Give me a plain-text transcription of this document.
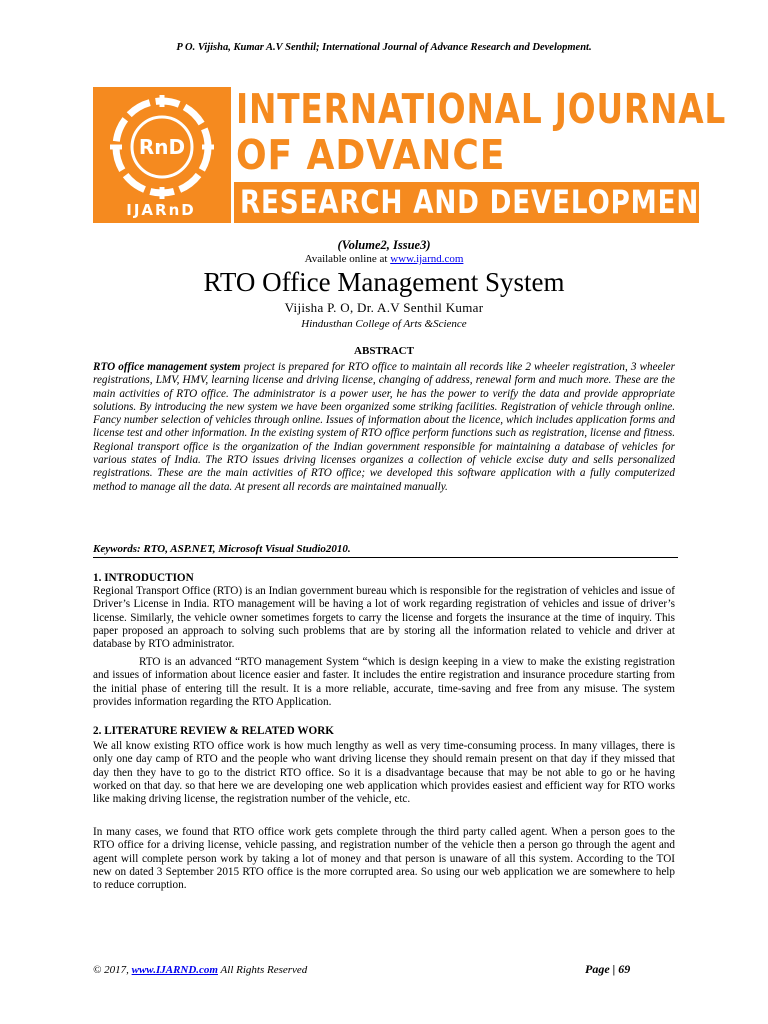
P O. Vijisha, Kumar A.V Senthil; International Journal of Advance Research and Development.
RnD
IJARnD
INTERNATIONAL JOURNAL
OF ADVANCE
RESEARCH AND DEVELOPMENT
(Volume2, Issue3)
Available online at www.ijarnd.com
RTO Office Management System
Vijisha P. O, Dr. A.V Senthil Kumar
Hindusthan College of Arts &Science
ABSTRACT

RTO office management system project is prepared for RTO office to maintain all records like 2 wheeler registration, 3 wheeler registrations, LMV, HMV, learning license and driving license, changing of address, renewal form and much more. These are the main activities of RTO office. The administrator is a power user, he has the power to verify the data and provide appropriate solutions. By introducing the new system we have been organized some striking facilities. Registration of vehicle through online. Fancy number selection of vehicles through online. Issues of information about the licence, which includes application forms and license test and other information. In the existing system of RTO office perform functions such as registration, license and fitness. Regional transport office is the organization of the Indian government responsible for maintaining a database of vehicles for various states of India. The RTO issues driving licenses organizes a collection of vehicle excise duty and sells personalized registrations. These are the main activities of RTO office; we developed this software application with a fully computerized method to manage all the data. At present all records are maintained manually.

Keywords: RTO, ASP.NET, Microsoft Visual Studio2010.
1. INTRODUCTION

Regional Transport Office (RTO) is an Indian government bureau which is responsible for the registration of vehicles and issue of Driver’s License in India. RTO management will be having a lot of work regarding registration of vehicles and issue of driver’s license. Similarly, the vehicle owner sometimes forgets to carry the license and forgets the insurance at the time of inquiry. This paper proposed an approach to solving such problems that are by storing all the information related to vehicle and driver at database by RTO administrator.

RTO is an advanced “RTO management System “which is design keeping in a view to make the existing registration and issues of information about licence easier and faster. It includes the entire registration and insurance procedure starting from the initial phase of entering till the result. It is a more reliable, accurate, time-saving and free from any misuse. The system provides information regarding the RTO Application.

2. LITERATURE REVIEW & RELATED WORK

We all know existing RTO office work is how much lengthy as well as very time-consuming process. In many villages, there is only one day camp of RTO and the people who want driving license they should remain present on that day if they missed that day then they have to go to the district RTO office. So it is a disadvantage because that may be not able to go or he having worked on that day. so that here we are developing one web application which provides easiest and efficient way for RTO works like making driving license, the registration number of the vehicle, etc.

In many cases, we found that RTO office work gets complete through the third party called agent. When a person goes to the RTO office for a driving license, vehicle passing, and registration number of the vehicle then a person go through the agent and agent will complete person work by taking a lot of money and that person is unaware of all this system. According to the TOI new on dated 3 September 2015 RTO office is the more corrupted area. So using our web application we are somewhere to help to reduce corruption.

© 2017, www.IJARND.com All Rights Reserved	Page | 69
